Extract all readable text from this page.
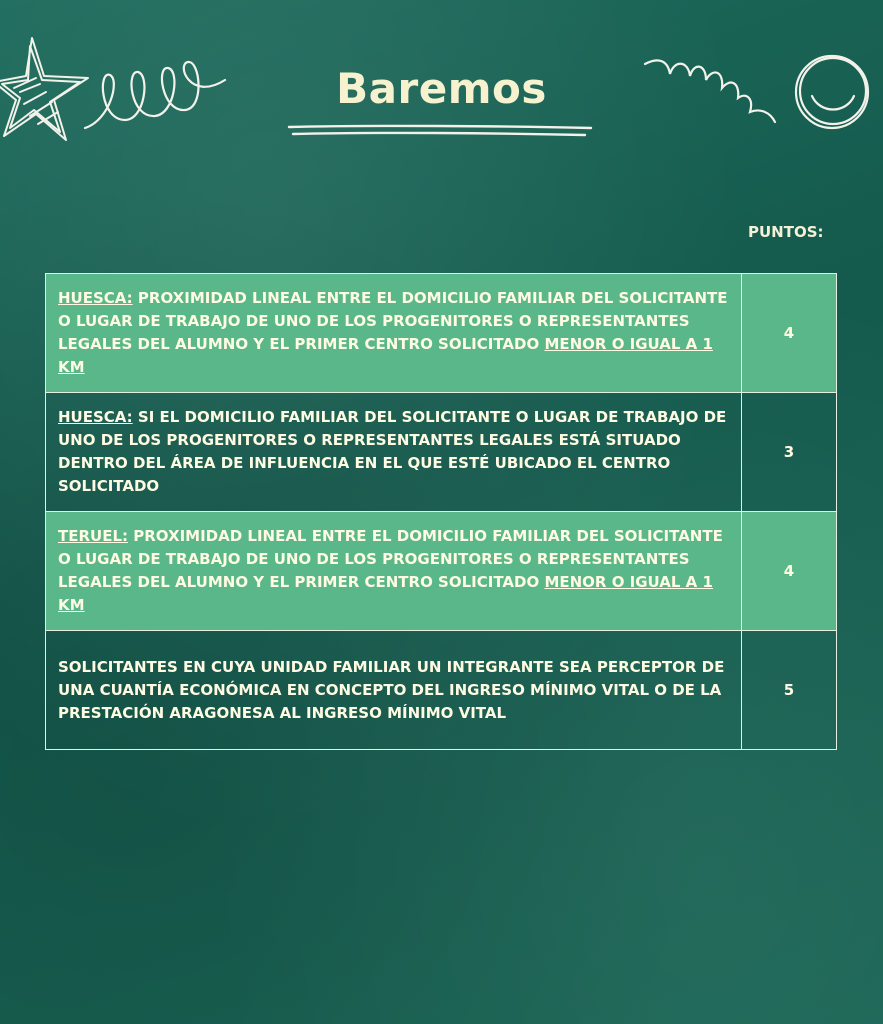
Baremos
PUNTOS:
HUESCA: PROXIMIDAD LINEAL ENTRE EL DOMICILIO FAMILIAR DEL SOLICITANTE O LUGAR DE TRABAJO DE UNO DE LOS PROGENITORES O REPRESENTANTES LEGALES DEL ALUMNO Y EL PRIMER CENTRO SOLICITADO MENOR O IGUAL A 1 KM	4
HUESCA: SI EL DOMICILIO FAMILIAR DEL SOLICITANTE O LUGAR DE TRABAJO DE UNO DE LOS PROGENITORES O REPRESENTANTES LEGALES ESTÁ SITUADO DENTRO DEL ÁREA DE INFLUENCIA EN EL QUE ESTÉ UBICADO EL CENTRO SOLICITADO	3
TERUEL: PROXIMIDAD LINEAL ENTRE EL DOMICILIO FAMILIAR DEL SOLICITANTE O LUGAR DE TRABAJO DE UNO DE LOS PROGENITORES O REPRESENTANTES LEGALES DEL ALUMNO Y EL PRIMER CENTRO SOLICITADO MENOR O IGUAL A 1 KM	4
SOLICITANTES EN CUYA UNIDAD FAMILIAR UN INTEGRANTE SEA PERCEPTOR DE UNA CUANTÍA ECONÓMICA EN CONCEPTO DEL INGRESO MÍNIMO VITAL O DE LA PRESTACIÓN ARAGONESA AL INGRESO MÍNIMO VITAL	5
